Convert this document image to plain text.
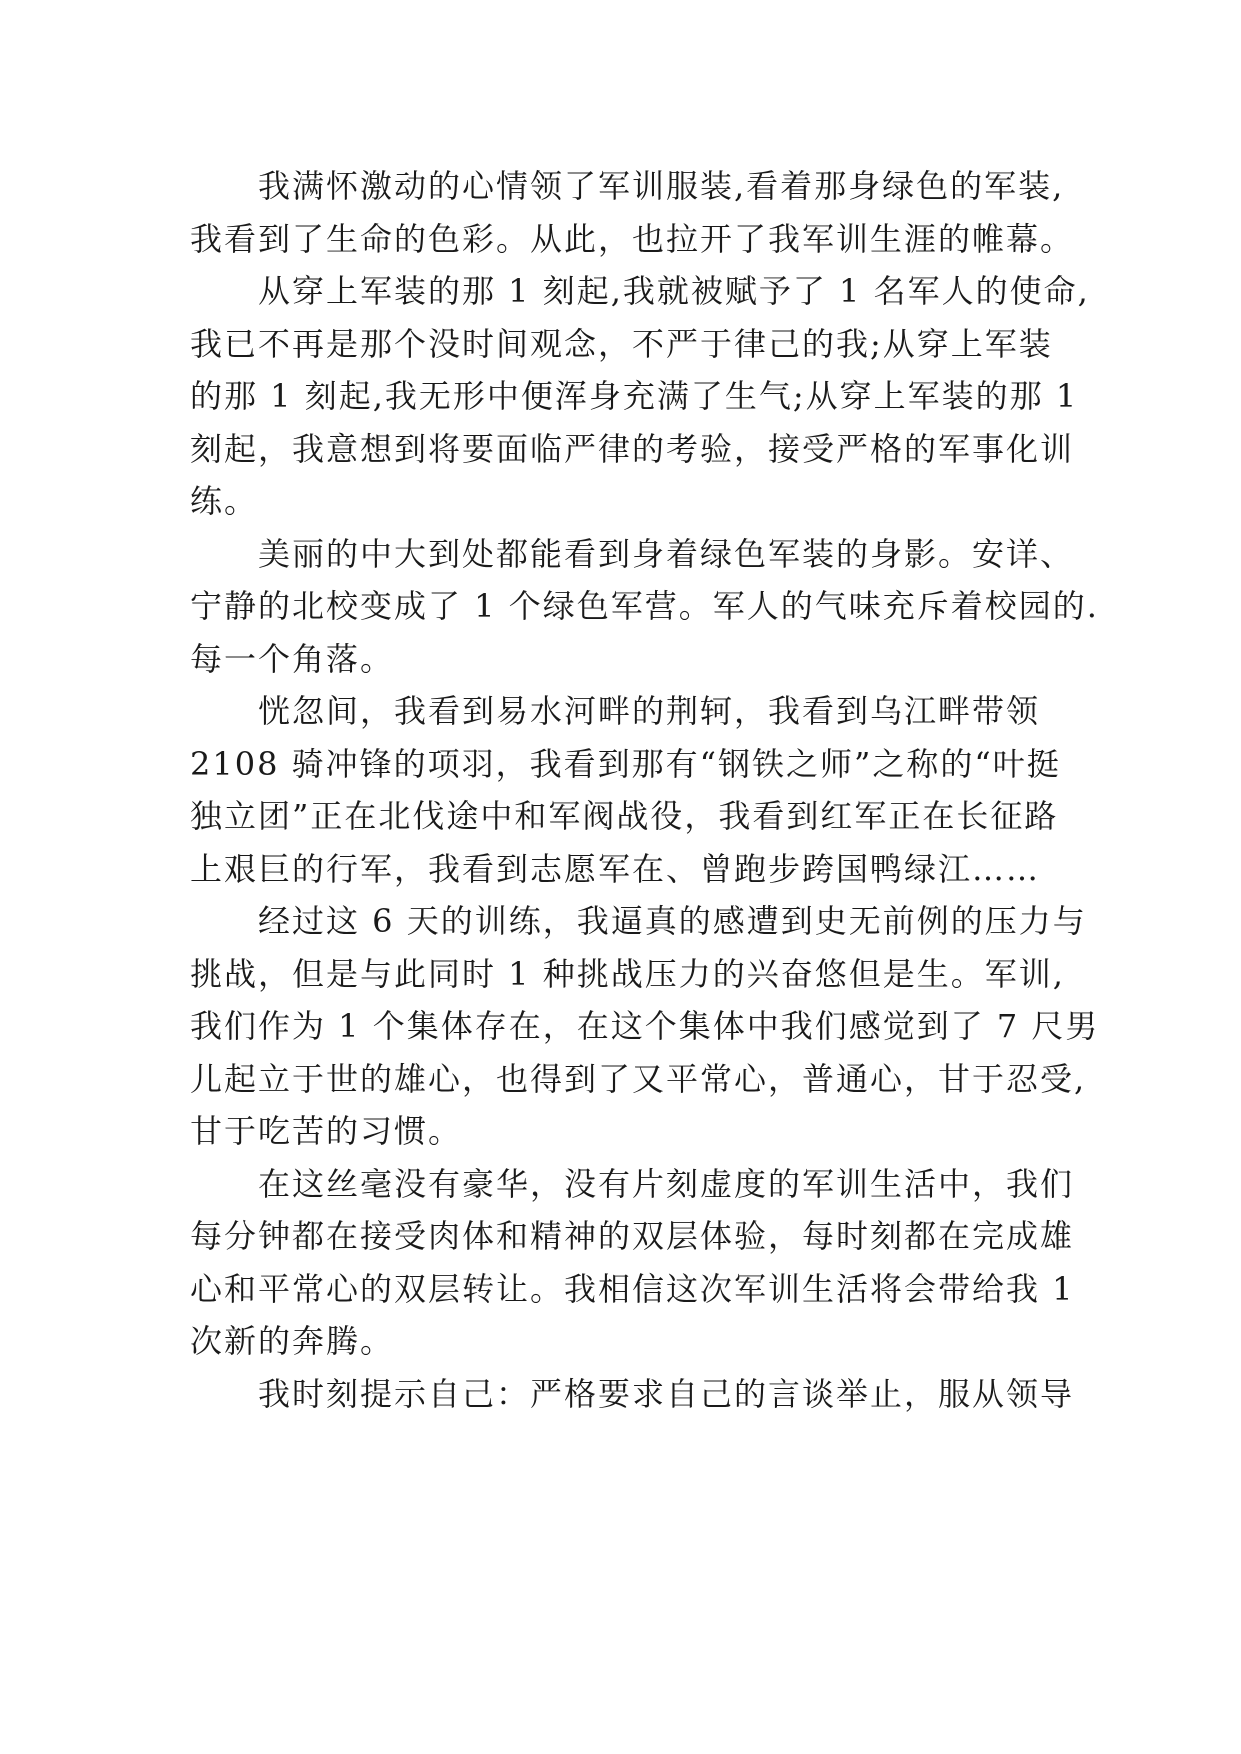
我满怀激动的心情领了军训服装,看着那身绿色的军装,
我看到了生命的色彩。从此，也拉开了我军训生涯的帷幕。
从穿上军装的那 1 刻起,我就被赋予了 1 名军人的使命,
我已不再是那个没时间观念，不严于律己的我;从穿上军装
的那 1 刻起,我无形中便浑身充满了生气;从穿上军装的那 1
刻起，我意想到将要面临严律的考验，接受严格的军事化训
练。
美丽的中大到处都能看到身着绿色军装的身影。安详、
宁静的北校变成了 1 个绿色军营。军人的气味充斥着校园的.
每一个角落。
恍忽间，我看到易水河畔的荆轲，我看到乌江畔带领
2108 骑冲锋的项羽，我看到那有“钢铁之师”之称的“叶挺
独立团”正在北伐途中和军阀战役，我看到红军正在长征路
上艰巨的行军，我看到志愿军在、曾跑步跨国鸭绿江……
经过这 6 天的训练，我逼真的感遭到史无前例的压力与
挑战，但是与此同时 1 种挑战压力的兴奋悠但是生。军训,
我们作为 1 个集体存在，在这个集体中我们感觉到了 7 尺男
儿起立于世的雄心，也得到了又平常心，普通心，甘于忍受,
甘于吃苦的习惯。
在这丝毫没有豪华，没有片刻虚度的军训生活中，我们
每分钟都在接受肉体和精神的双层体验，每时刻都在完成雄
心和平常心的双层转让。我相信这次军训生活将会带给我 1
次新的奔腾。
我时刻提示自己：严格要求自己的言谈举止，服从领导
